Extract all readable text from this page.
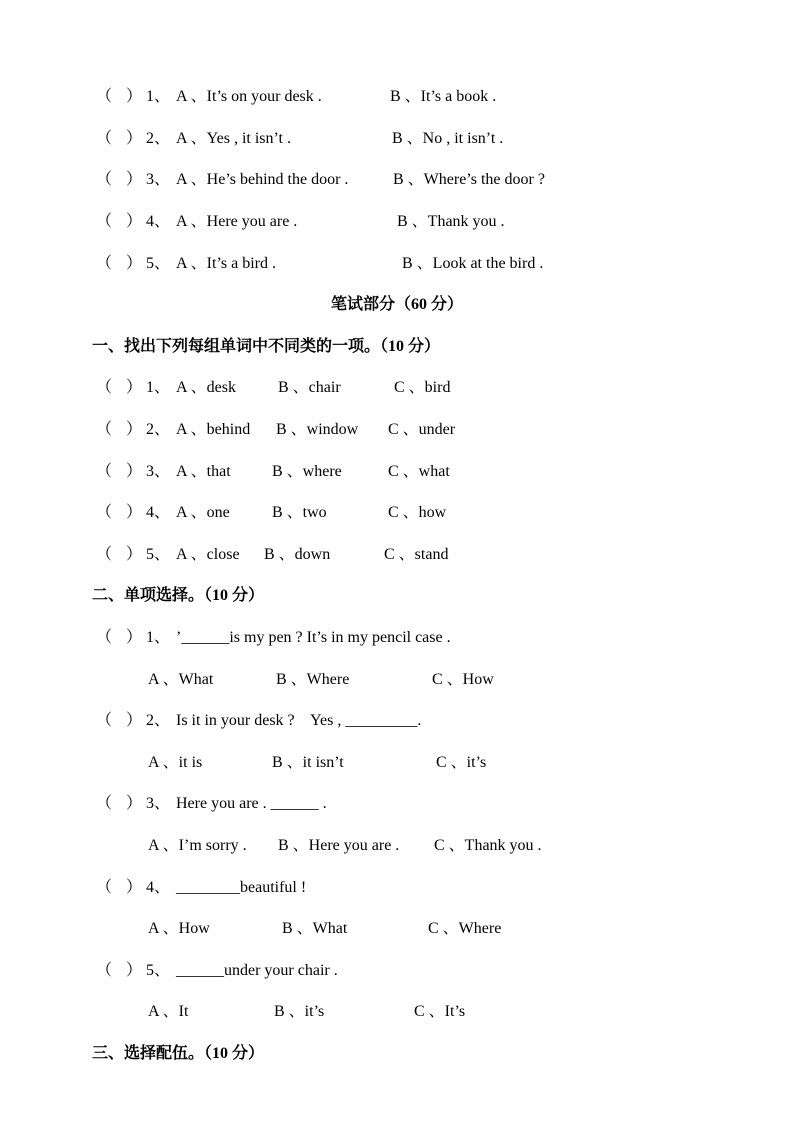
（ ） 1、 A 、It’s on your desk .	B 、It’s a book .
（ ） 2、 A 、Yes , it isn’t .	B 、No , it isn’t .
（ ） 3、 A 、He’s behind the door .	B 、Where’s the door ?
（ ） 4、 A 、Here you are .	B 、Thank you .
（ ） 5、 A 、It’s a bird .	B 、Look at the bird .
笔试部分（60 分）
一、找出下列每组单词中不同类的一项。（10 分）
（ ） 1、 A 、desk	B 、chair	C 、bird
（ ） 2、 A 、behind B 、window C 、under
（ ） 3、 A 、that	B 、where	C 、what
（ ） 4、 A 、one	B 、two	C 、how
（ ） 5、 A 、close B 、down	C 、stand
二、单项选择。（10 分）
（ ） 1、 ’______is my pen ? It’s in my pencil case .
A 、What	B 、Where	C 、How
（ ） 2、 Is it in your desk ?    Yes , _________.
A 、it is	B 、it isn’t	C 、it’s
（ ） 3、 Here you are . ______ .
A 、I’m sorry . B 、Here you are . C 、Thank you .
（ ） 4、 ________beautiful !
A 、How	B 、What	C 、Where
（ ） 5、 ______under your chair .
A 、It	B 、it’s	C 、It’s
三、选择配伍。（10 分）
